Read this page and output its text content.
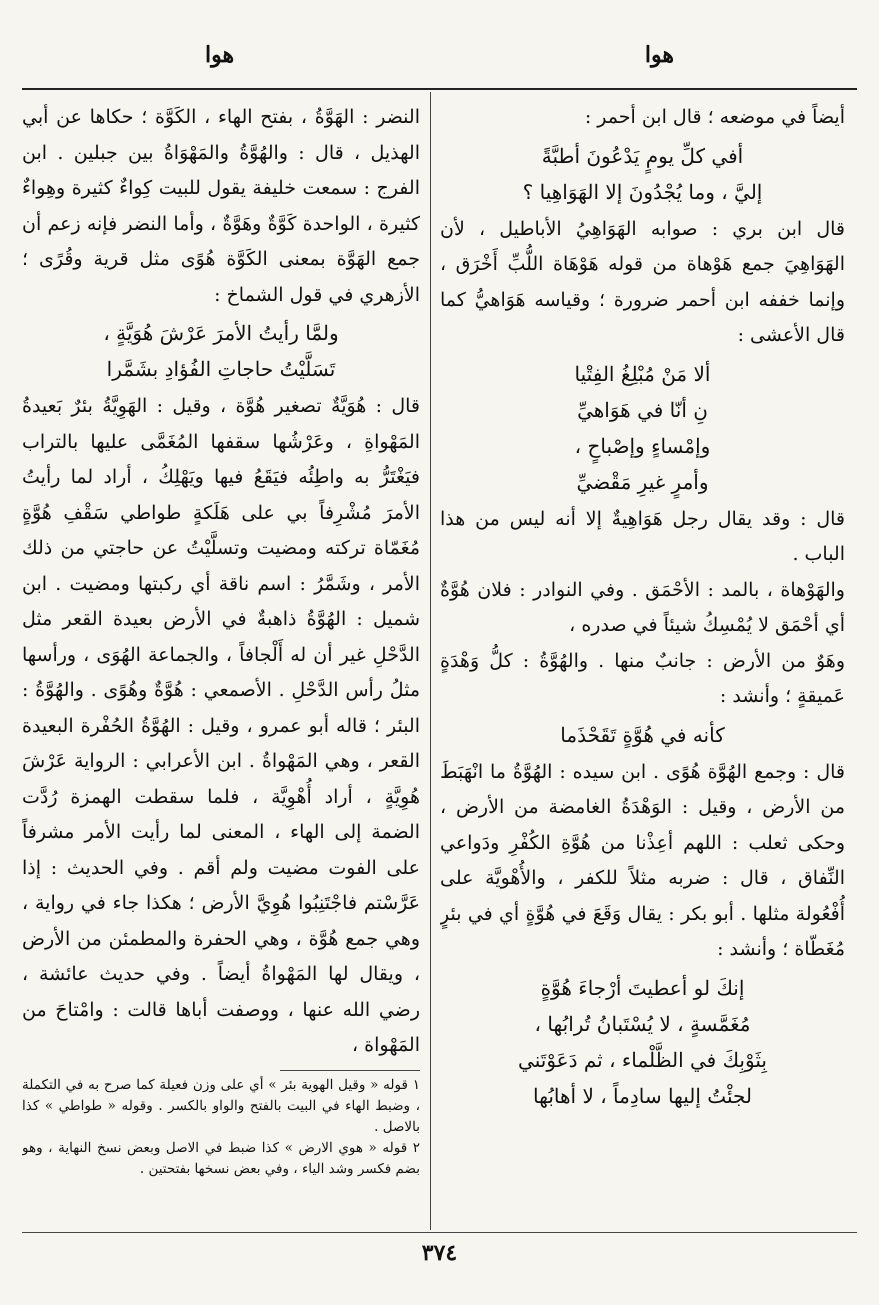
هوا
هوا

أيضاً في موضعه ؛ قال ابن أحمر :

أفي كلِّ يومٍ يَدْعُونَ أطبَّةً
إليَّ ، وما يُجْدُونَ إلا الهَوَاهِيا ؟

قال ابن بري : صوابه الهَوَاهِيُ الأباطيل ، لأن الهَوَاهِيَ جمع هَوْهاة من قوله هَوْهَاة اللُّبِّ أَخْرَق ، وإنما خففه ابن أحمر ضرورة ؛ وقياسه هَوَاهيُّ كما قال الأعشى :

ألا مَنْ مُبْلِغُ الفِتْيا
نِ أنّا في هَوَاهيِّ
وإمْساءٍ وإصْباحٍ ،
وأمرٍ غيرِ مَقْضيِّ

قال : وقد يقال رجل هَوَاهِيةٌ إلا أنه ليس من هذا الباب .

والهَوْهاة ، بالمد : الأحْمَق . وفي النوادر : فلان هُوَّةٌ أي أحْمَق لا يُمْسِكُ شيئاً في صدره ،

وهَوٌ من الأرض : جانبٌ منها . والهُوَّةُ : كلُّ وَهْدَةٍ عَميقةٍ ؛ وأنشد :

كأنه في هُوَّةٍ تَقَحْذَما

قال : وجمع الهُوَّة هُوًى . ابن سيده : الهُوَّةُ ما انْهَبَطَ من الأرض ، وقيل : الوَهْدَةُ الغامضة من الأرض ، وحكى ثعلب : اللهم أعِذْنا من هُوَّةِ الكُفْرِ ودَواعي النِّفاق ، قال : ضربه مثلاً للكفر ، والأُهْويَّة على أُفْعُولة مثلها . أبو بكر : يقال وَقَعَ في هُوَّةٍ أي في بئرٍ مُغَطّاة ؛ وأنشد :

إنكَ لو أعطيتَ أرْجاءَ هُوَّةٍ
مُغَمَّسةٍ ، لا يُسْتَبانُ تُرابُها ،
بِثَوْبِكَ في الظَّلْماء ، ثم دَعَوْتَني
لجئْتُ إليها سادِماً ، لا أهابُها

النضر : الهَوَّةُ ، بفتح الهاء ، الكَوَّة ؛ حكاها عن أبي الهذيل ، قال : والهُوَّةُ والمَهْوَاةُ بين جبلين . ابن الفرج : سمعت خليفة يقول للبيت كِواءٌ كثيرة وهِواءٌ كثيرة ، الواحدة كَوَّةٌ وهَوَّةٌ ، وأما النضر فإنه زعم أن جمع الهَوَّة بمعنى الكَوَّة هُوًى مثل قرية وقُرًى ؛ الأزهري في قول الشماخ :

ولمَّا رأيتُ الأمرَ عَرْشَ هُوَيَّةٍ ،
تَسَلَّيْتُ حاجاتِ الفُؤادِ بشَمَّرا

قال : هُوَيَّةٌ تصغير هُوَّة ، وقيل : الهَوِيَّةُ بئرٌ بَعيدةُ المَهْواةِ ، وعَرْشُها سقفها المُغَمَّى عليها بالتراب فيَغْتَرُّ به واطِئُه فيَقَعُ فيها ويَهْلِكُ ، أراد لما رأيتُ الأمرَ مُشْرِفاً بي على هَلَكةٍ طواطي سَقْفِ هُوَّةٍ مُغَمّاة تركته ومضيت وتسلَّيْتُ عن حاجتي من ذلك الأمر ، وشَمَّرُ : اسم ناقة أي ركبتها ومضيت . ابن شميل : الهُوَّةُ ذاهبةٌ في الأرض بعيدة القعر مثل الدَّحْلِ غير أن له أَلْجافاً ، والجماعة الهُوَى ، ورأسها مثلُ رأس الدَّحْلِ . الأصمعي : هُوَّةٌ وهُوًى . والهُوَّةُ : البئر ؛ قاله أبو عمرو ، وقيل : الهُوَّةُ الحُفْرة البعيدة القعر ، وهي المَهْواةُ . ابن الأعرابي : الرواية عَرْشَ هُوِيَّةٍ ، أراد أُهْوِيَّة ، فلما سقطت الهمزة رُدَّت الضمة إلى الهاء ، المعنى لما رأيت الأمر مشرفاً على الفوت مضيت ولم أقم . وفي الحديث : إذا عَرَّسْتم فاجْتَنِبُوا هُوِيَّ الأرض ؛ هكذا جاء في رواية ، وهي جمع هُوَّة ، وهي الحفرة والمطمئن من الأرض ، ويقال لها المَهْواةُ أيضاً . وفي حديث عائشة ، رضي الله عنها ، ووصفت أباها قالت : وامْتاحَ من المَهْواة ،

١ قوله « وقيل الهوية بئر » أي على وزن فعيلة كما صرح به في التكملة ، وضبط الهاء في البيت بالفتح والواو بالكسر . وقوله « طواطي » كذا بالاصل .

٢ قوله « هوي الارض » كذا ضبط في الاصل وبعض نسخ النهاية ، وهو بضم فكسر وشد الياء ، وفي بعض نسخها بفتحتين .

٣٧٤
